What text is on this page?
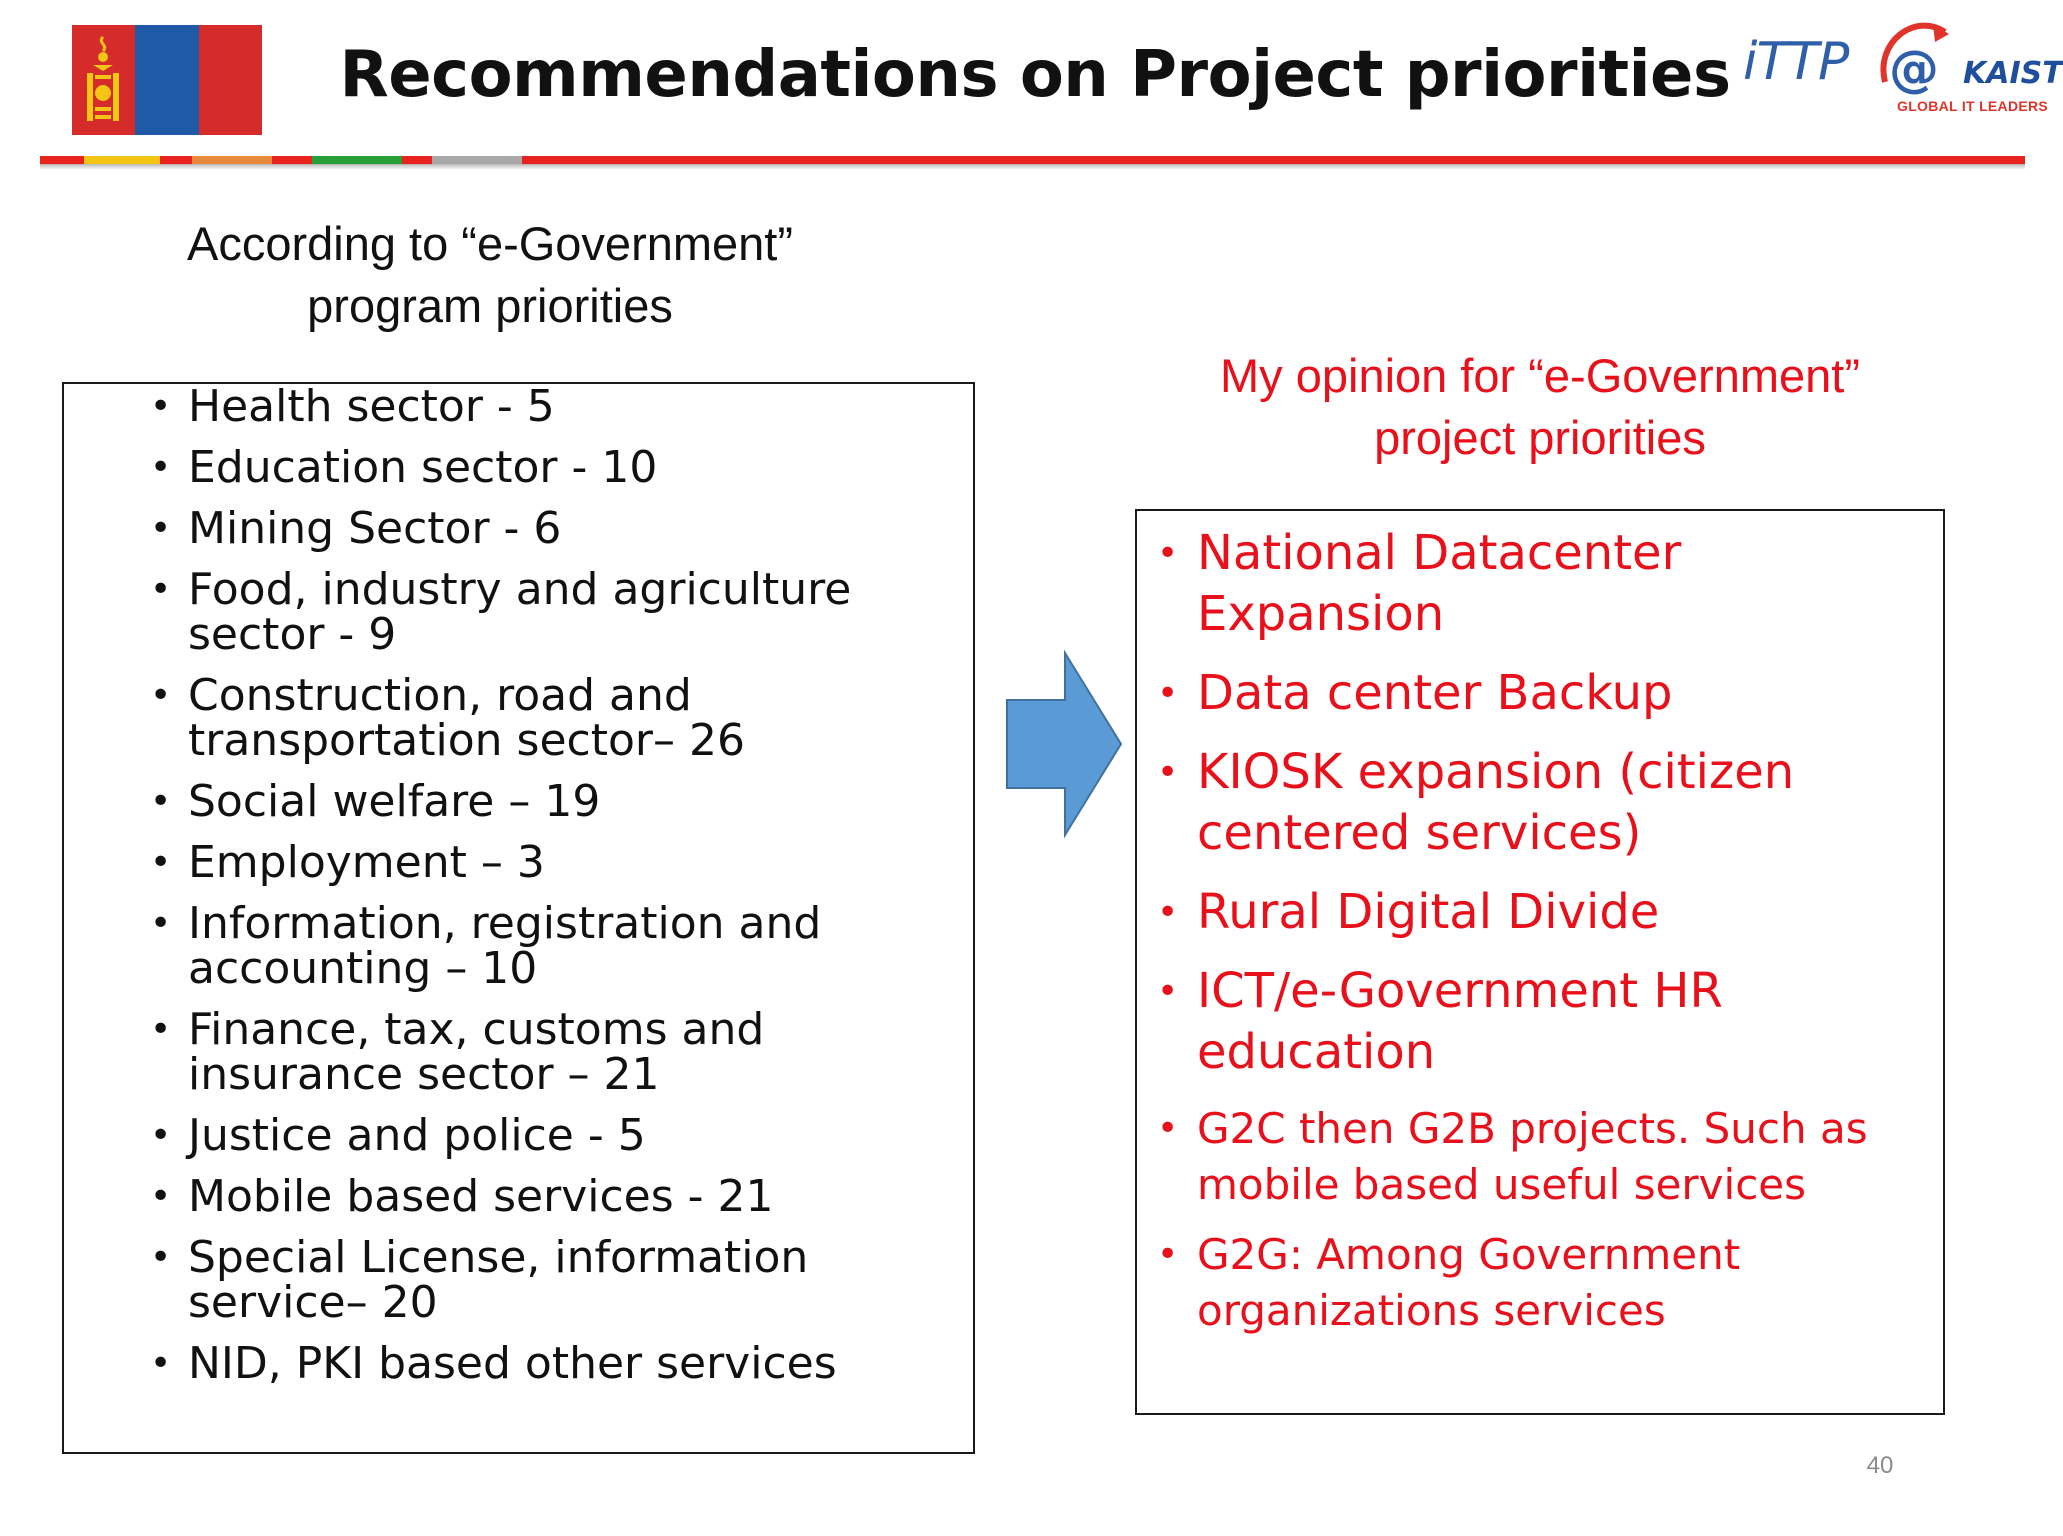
Recommendations on Project priorities iTTP @ KAIST
GLOBAL IT LEADERS
According to “e-Government”
program priorities
• Health sector - 5
• Education sector - 10
• Mining Sector - 6
• Food, industry and agriculture sector - 9
• Construction, road and transportation sector– 26
• Social welfare – 19
• Employment – 3
• Information, registration and accounting – 10
• Finance, tax, customs and insurance sector – 21
• Justice and police - 5
• Mobile based services - 21
• Special License, information service– 20
• NID, PKI based other services
My opinion for “e-Government”
project priorities
• National Datacenter Expansion
• Data center Backup
• KIOSK expansion (citizen centered services)
• Rural Digital Divide
• ICT/e-Government HR education
• G2C then G2B projects. Such as mobile based useful services
• G2G: Among Government organizations services
40
